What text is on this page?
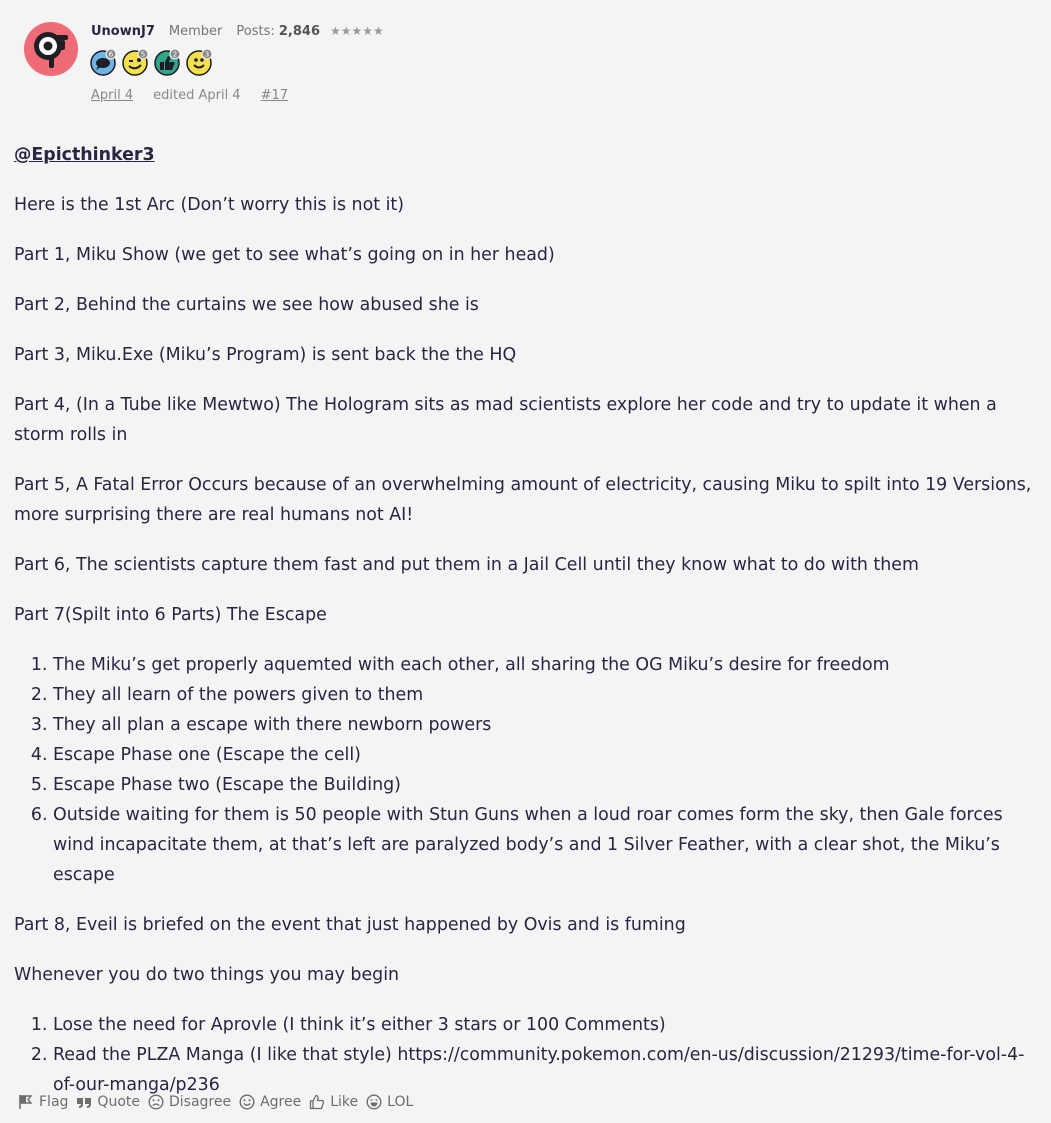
UnownJ7 Member Posts: 2,846 ★★★★★
6	5	2	3
April 4 edited April 4 #17

@Epicthinker3

Here is the 1st Arc (Don’t worry this is not it)

Part 1, Miku Show (we get to see what’s going on in her head)

Part 2, Behind the curtains we see how abused she is

Part 3, Miku.Exe (Miku’s Program) is sent back the the HQ

Part 4, (In a Tube like Mewtwo) The Hologram sits as mad scientists explore her code and try to update it when a storm rolls in

Part 5, A Fatal Error Occurs because of an overwhelming amount of electricity, causing Miku to spilt into 19 Versions, more surprising there are real humans not AI!

Part 6, The scientists capture them fast and put them in a Jail Cell until they know what to do with them

Part 7(Spilt into 6 Parts) The Escape

1. The Miku’s get properly aquemted with each other, all sharing the OG Miku’s desire for freedom
2. They all learn of the powers given to them
3. They all plan a escape with there newborn powers
4. Escape Phase one (Escape the cell)
5. Escape Phase two (Escape the Building)
6. Outside waiting for them is 50 people with Stun Guns when a loud roar comes form the sky, then Gale forces wind incapacitate them, at that’s left are paralyzed body’s and 1 Silver Feather, with a clear shot, the Miku’s escape

Part 8, Eveil is briefed on the event that just happened by Ovis and is fuming

Whenever you do two things you may begin

1. Lose the need for Aprovle (I think it’s either 3 stars or 100 Comments)
2. Read the PLZA Manga (I like that style) https://community.pokemon.com/en-us/discussion/21293/time-for-vol-4-of-our-manga/p236
Flag Quote Disagree Agree Like LOL
